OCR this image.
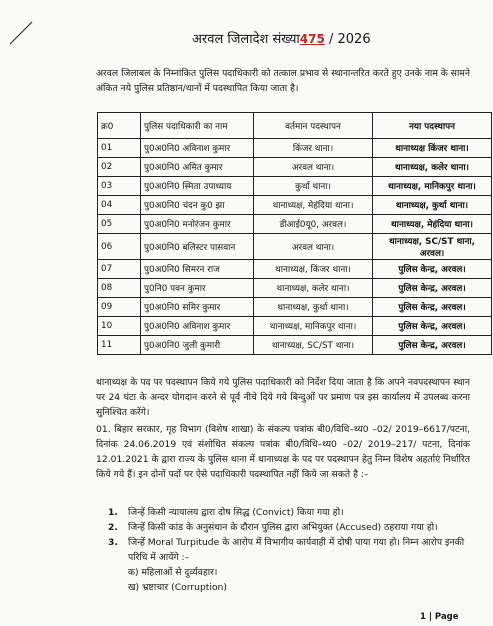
अरवल जिलादेश संख्या475 / 2026
अरवल जिलाबल के निम्नांकित पुलिस पदाधिकारी को तत्काल प्रभाव से स्थानान्तरित करते हुए उनके नाम के सामने अंकित नये पुलिस प्रतिष्ठान/थानों में पदस्थापित किया जाता है।
क्र0	पुलिस पदाधिकारी का नाम	वर्तमान पदस्थापन	नया पदस्थापन
01	पु0अ0नि0 अविनाश कुमार	किंजर थाना।	थानाध्यक्ष किंजर थाना।
02	पु0अ0नि0 अमित कुमार	अरवल थाना।	थानाध्यक्ष, कलेर थाना।
03	पु0अ0नि0 स्मिता उपाध्याय	कुर्था थाना।	थानाध्यक्ष, मानिकपुर थाना।
04	पु0अ0नि0 चंदन कु0 झा	थानाध्यक्ष, मेहंदिया थाना।	थानाध्यक्ष, कुर्था थाना।
05	पु0अ0नि0 मनोरंजन कुमार	डीआई0यू0, अरवल।	थानाध्यक्ष, मेहंदिया थाना।
06	पु0अ0नि0 बलिस्टर पासवान	अरवल थाना।	थानाध्यक्ष, SC/ST थाना, अरवल।
07	पु0अ0नि0 सिमरन राज	थानाध्यक्ष, किंजर थाना।	पुलिस केन्द्र, अरवल।
08	पु0नि0 पवन कुमार	थानाध्यक्ष, कलेर थाना।	पुलिस केन्द्र, अरवल।
09	पु0अ0नि0 समिर कुमार	थानाध्यक्ष, कुर्था थाना।	पुलिस केन्द्र, अरवल।
10	पु0अ0नि0 अविनाश कुमार	थानाध्यक्ष, मानिकपुर थाना।	पुलिस केन्द्र, अरवल।
11	पु0अ0नि0 जुली कुमारी	थानाध्यक्ष, SC/ST थाना।	पुलिस केन्द्र, अरवल।
थानाध्यक्ष के पद पर पदस्थापन किये गये पुलिस पदाधिकारी को निर्देश दिया जाता है कि अपने नवपदस्थापन स्थान पर 24 घंटा के अन्दर योगदान करने से पूर्व नीचे दिये गये बिन्दुओं पर प्रमाण पत्र इस कार्यालय में उपलब्ध करना सुनिश्चित करेंगे।
01. बिहार सरकार, गृह विभाग (विशेष शाखा) के संकल्प पत्रांक बी0/विधि–थ्य0 –02/ 2019–6617/पटना, दिनांक 24.06.2019 एवं संशोधित संकल्प पत्रांक बी0/विधि–थ्य0 –02/ 2019–217/ पटना, दिनांक 12.01.2021 के द्वारा राज्य के पुलिस थाना में थानाध्यक्ष के पद पर पदस्थापन हेतु निम्न विशेष अहर्ताएं निर्धारित किये गये हैं। इन दोनों पदों पर ऐसे पदाधिकारी पदस्थापित नहीं किये जा सकते है :–
1.	जिन्हें किसी न्यायालय द्वारा दोष सिद्ध (Convict) किया गया हो।
2.	जिन्हें किसी कांड के अनुसंधान के दौरान पुलिस द्वारा अभियुक्त (Accused) ठहराया गया हो।
3.	जिन्हें Moral Turpitude के आरोप में विभागीय कार्यवाही में दोषी पाया गया हो। निम्न आरोप इनकी परिधि में आयेंगे :–
क) महिलाओं से दुर्व्यवहार।
ख) भ्रष्टाचार (Corruption)
1 | Page
